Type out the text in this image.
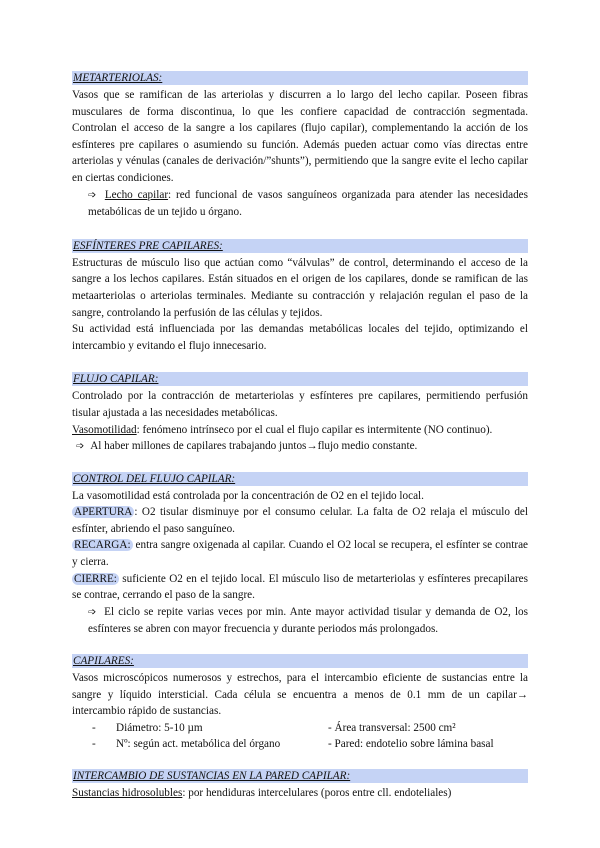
METARTERIOLAS:
Vasos que se ramifican de las arteriolas y discurren a lo largo del lecho capilar. Poseen fibras musculares de forma discontinua, lo que les confiere capacidad de contracción segmentada. Controlan el acceso de la sangre a los capilares (flujo capilar), complementando la acción de los esfínteres pre capilares o asumiendo su función. Además pueden actuar como vías directas entre arteriolas y vénulas (canales de derivación/”shunts”), permitiendo que la sangre evite el lecho capilar en ciertas condiciones.
➩ Lecho capilar: red funcional de vasos sanguíneos organizada para atender las necesidades metabólicas de un tejido u órgano.
ESFÍNTERES PRE CAPILARES:
Estructuras de músculo liso que actúan como “válvulas” de control, determinando el acceso de la sangre a los lechos capilares. Están situados en el origen de los capilares, donde se ramifican de las metaarteriolas o arteriolas terminales. Mediante su contracción y relajación regulan el paso de la sangre, controlando la perfusión de las células y tejidos.
Su actividad está influenciada por las demandas metabólicas locales del tejido, optimizando el intercambio y evitando el flujo innecesario.
FLUJO CAPILAR:
Controlado por la contracción de metarteriolas y esfínteres pre capilares, permitiendo perfusión tisular ajustada a las necesidades metabólicas.
Vasomotilidad: fenómeno intrínseco por el cual el flujo capilar es intermitente (NO continuo).
➩ Al haber millones de capilares trabajando juntos→flujo medio constante.
CONTROL DEL FLUJO CAPILAR:
La vasomotilidad está controlada por la concentración de O2 en el tejido local.
APERTURA : O2 tisular disminuye por el consumo celular. La falta de O2 relaja el músculo del esfínter, abriendo el paso sanguíneo.
RECARGA: entra sangre oxigenada al capilar. Cuando el O2 local se recupera, el esfínter se contrae y cierra.
CIERRE: suficiente O2 en el tejido local. El músculo liso de metarteriolas y esfínteres precapilares se contrae, cerrando el paso de la sangre.
➩ El ciclo se repite varias veces por min. Ante mayor actividad tisular y demanda de O2, los esfínteres se abren con mayor frecuencia y durante periodos más prolongados.
CAPILARES:
Vasos microscópicos numerosos y estrechos, para el intercambio eficiente de sustancias entre la sangre y líquido intersticial. Cada célula se encuentra a menos de 0.1 mm de un capilar→ intercambio rápido de sustancias.
-	Diámetro: 5-10 µm	- Área transversal: 2500 cm²
-	Nº: según act. metabólica del órgano	- Pared: endotelio sobre lámina basal
INTERCAMBIO DE SUSTANCIAS EN LA PARED CAPILAR:
Sustancias hidrosolubles: por hendiduras intercelulares (poros entre cll. endoteliales)
